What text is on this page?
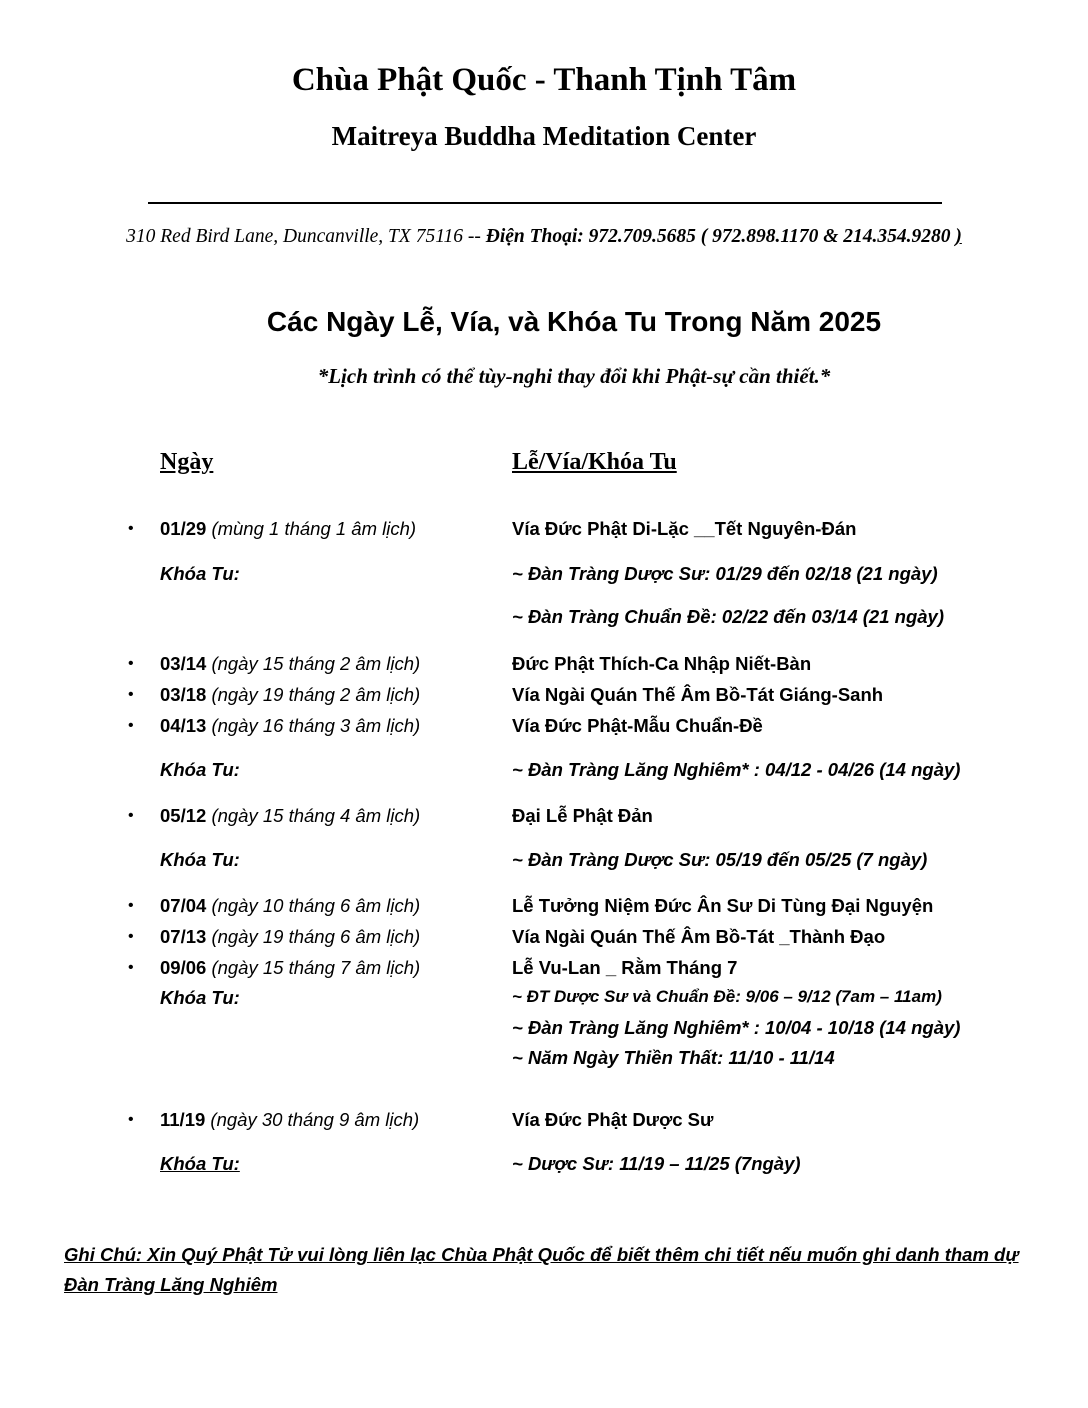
Chùa Phật Quốc - Thanh Tịnh Tâm
Maitreya Buddha Meditation Center
310 Red Bird Lane, Duncanville, TX 75116 -- Điện Thoại: 972.709.5685 ( 972.898.1170 & 214.354.9280 )
Các Ngày Lễ, Vía, và Khóa Tu Trong Năm 2025
*Lịch trình có thể tùy-nghi thay đổi khi Phật-sự cần thiết.*
Ngày	Lễ/Vía/Khóa Tu
• 01/29 (mùng 1 tháng 1 âm lịch)	Vía Đức Phật Di-Lặc __Tết Nguyên-Đán
Khóa Tu:	~ Đàn Tràng Dược Sư: 01/29 đến 02/18 (21 ngày)
~ Đàn Tràng Chuẩn Đề: 02/22 đến 03/14 (21 ngày)
• 03/14 (ngày 15 tháng 2 âm lịch)	Đức Phật Thích-Ca Nhập Niết-Bàn
• 03/18 (ngày 19 tháng 2 âm lịch)	Vía Ngài Quán Thế Âm Bồ-Tát Giáng-Sanh
• 04/13 (ngày 16 tháng 3 âm lịch)	Vía Đức Phật-Mẫu Chuẩn-Đề
Khóa Tu:	~ Đàn Tràng Lăng Nghiêm* : 04/12 - 04/26 (14 ngày)
• 05/12 (ngày 15 tháng 4 âm lịch)	Đại Lễ Phật Đản
Khóa Tu:	~ Đàn Tràng Dược Sư: 05/19 đến 05/25 (7 ngày)
• 07/04 (ngày 10 tháng 6 âm lịch)	Lễ Tưởng Niệm Đức Ân Sư Di Tùng Đại Nguyện
• 07/13 (ngày 19 tháng 6 âm lịch)	Vía Ngài Quán Thế Âm Bồ-Tát _Thành Đạo
• 09/06 (ngày 15 tháng 7 âm lịch)	Lễ Vu-Lan _ Rằm Tháng 7
Khóa Tu:	~ ĐT Dược Sư và Chuẩn Đề: 9/06 – 9/12 (7am – 11am)
~ Đàn Tràng Lăng Nghiêm* : 10/04 - 10/18 (14 ngày)
~ Năm Ngày Thiền Thất: 11/10 - 11/14
• 11/19 (ngày 30 tháng 9 âm lịch)	Vía Đức Phật Dược Sư
Khóa Tu:	~ Dược Sư: 11/19 – 11/25 (7ngày)
Ghi Chú: Xin Quý Phật Tử vui lòng liên lạc Chùa Phật Quốc để biết thêm chi tiết nếu muốn ghi danh tham dự Đàn Tràng Lăng Nghiêm
